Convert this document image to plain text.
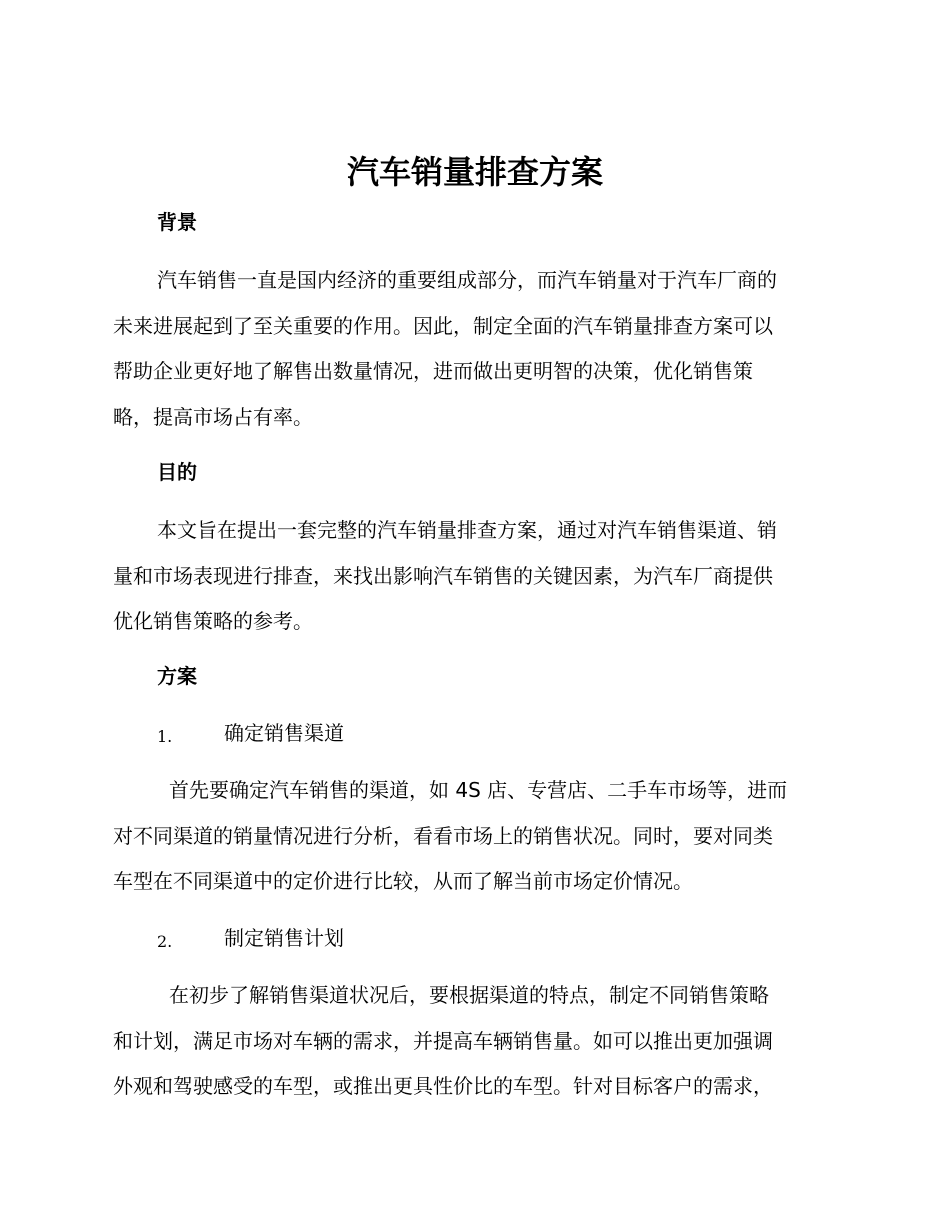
汽车销量排查方案
背景
汽车销售一直是国内经济的重要组成部分，而汽车销量对于汽车厂商的
未来进展起到了至关重要的作用。因此，制定全面的汽车销量排查方案可以
帮助企业更好地了解售出数量情况，进而做出更明智的决策，优化销售策
略，提高市场占有率。
目的
本文旨在提出一套完整的汽车销量排查方案，通过对汽车销售渠道、销
量和市场表现进行排查，来找出影响汽车销售的关键因素，为汽车厂商提供
优化销售策略的参考。
方案
1.	确定销售渠道
首先要确定汽车销售的渠道，如 4S 店、专营店、二手车市场等，进而
对不同渠道的销量情况进行分析，看看市场上的销售状况。同时，要对同类
车型在不同渠道中的定价进行比较，从而了解当前市场定价情况。
2.	制定销售计划
在初步了解销售渠道状况后，要根据渠道的特点，制定不同销售策略
和计划，满足市场对车辆的需求，并提高车辆销售量。如可以推出更加强调
外观和驾驶感受的车型，或推出更具性价比的车型。针对目标客户的需求，
